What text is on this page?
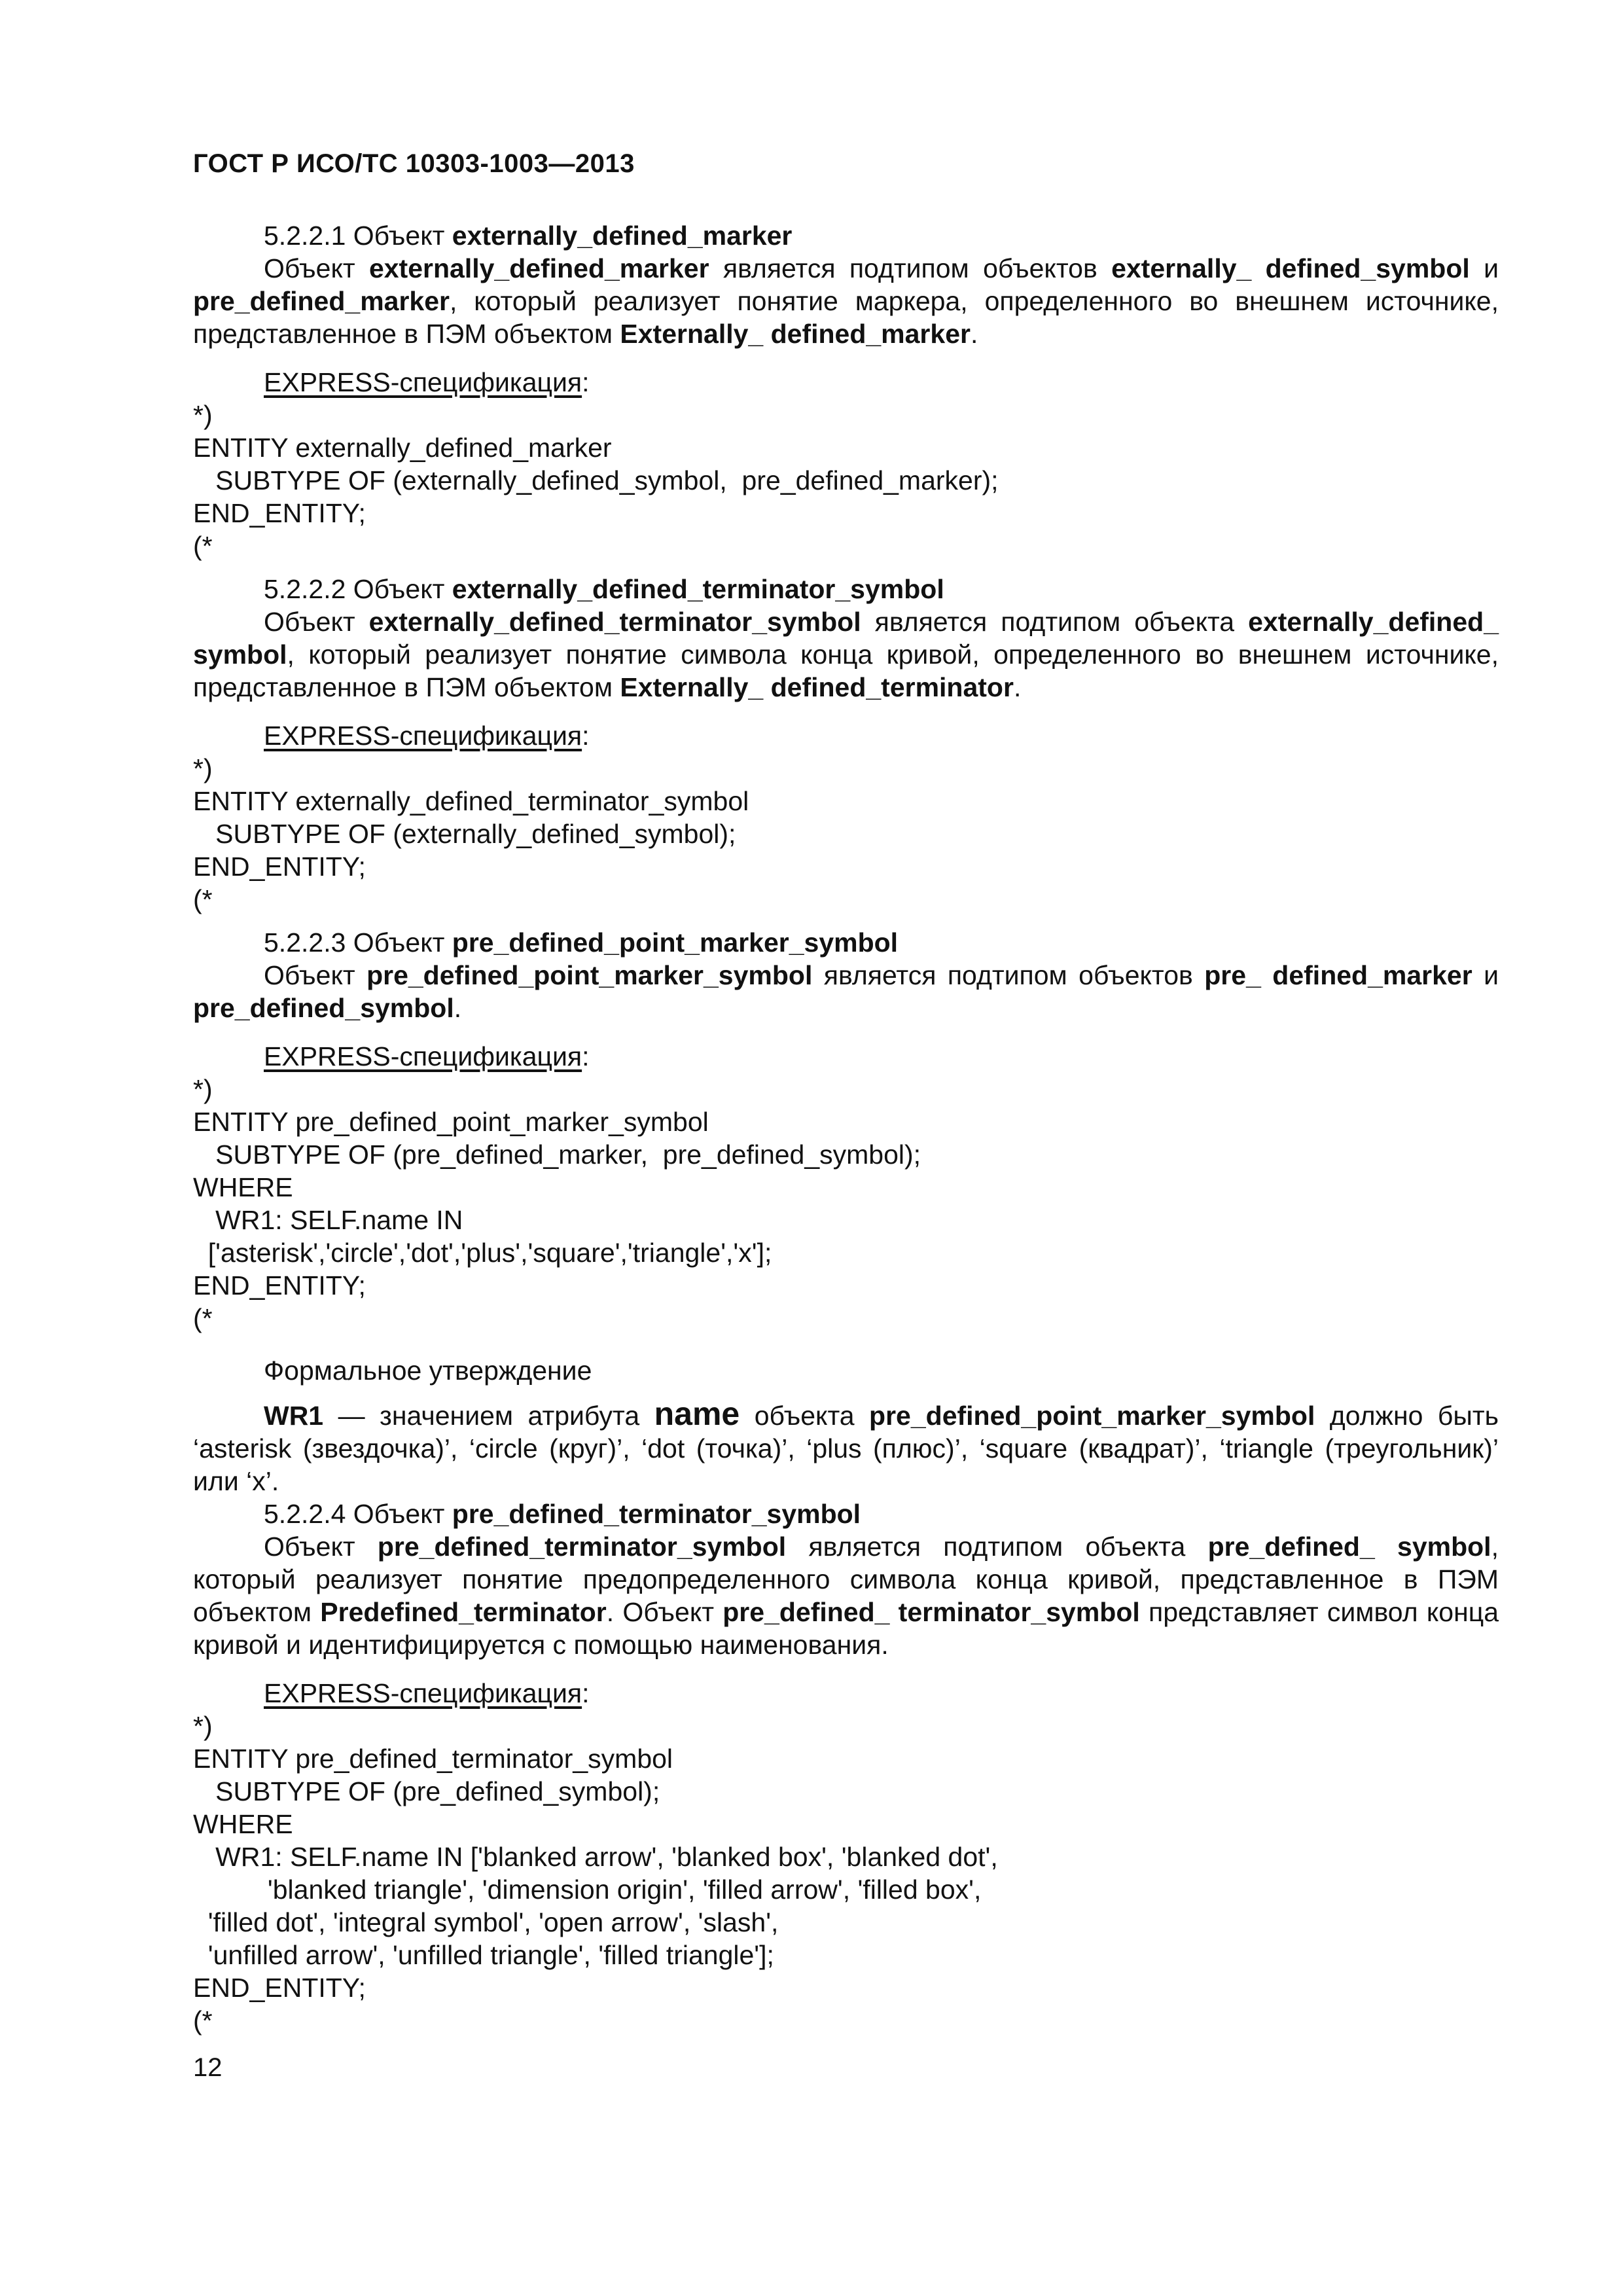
ГОСТ Р ИСО/ТС 10303-1003—2013

5.2.2.1 Объект externally_defined_marker

Объект externally_defined_marker является подтипом объектов externally_ defined_symbol и pre_defined_marker, который реализует понятие маркера, определенного во внешнем источнике, представленное в ПЭМ объектом Externally_ defined_marker.

EXPRESS-спецификация:

*)
ENTITY externally_defined_marker
SUBTYPE OF (externally_defined_symbol,  pre_defined_marker);
END_ENTITY;
(*

5.2.2.2 Объект externally_defined_terminator_symbol

Объект externally_defined_terminator_symbol является подтипом объекта externally_defined_ symbol, который реализует понятие символа конца кривой, определенного во внешнем источнике, представленное в ПЭМ объектом Externally_ defined_terminator.

EXPRESS-спецификация:

*)
ENTITY externally_defined_terminator_symbol
SUBTYPE OF (externally_defined_symbol);
END_ENTITY;
(*

5.2.2.3 Объект pre_defined_point_marker_symbol

Объект pre_defined_point_marker_symbol является подтипом объектов pre_ defined_marker и pre_defined_symbol.

EXPRESS-спецификация:

*)
ENTITY pre_defined_point_marker_symbol
SUBTYPE OF (pre_defined_marker,  pre_defined_symbol);
WHERE
WR1: SELF.name IN
['asterisk','circle','dot','plus','square','triangle','x'];
END_ENTITY;
(*

Формальное утверждение

WR1 — значением атрибута name объекта pre_defined_point_marker_symbol должно быть ‘asterisk (звездочка)’, ‘circle (круг)’, ‘dot (точка)’, ‘plus (плюс)’, ‘square (квадрат)’, ‘triangle (треугольник)’ или ‘x’.

5.2.2.4 Объект pre_defined_terminator_symbol

Объект pre_defined_terminator_symbol является подтипом объекта pre_defined_ symbol, который реализует понятие предопределенного символа конца кривой, представленное в ПЭМ объектом Predefined_terminator. Объект pre_defined_ terminator_symbol представляет символ конца кривой и идентифицируется с помощью наименования.

EXPRESS-спецификация:

*)
ENTITY pre_defined_terminator_symbol
SUBTYPE OF (pre_defined_symbol);
WHERE
WR1: SELF.name IN ['blanked arrow', 'blanked box', 'blanked dot',
'blanked triangle', 'dimension origin', 'filled arrow', 'filled box',
'filled dot', 'integral symbol', 'open arrow', 'slash',
'unfilled arrow', 'unfilled triangle', 'filled triangle'];
END_ENTITY;
(*
12
